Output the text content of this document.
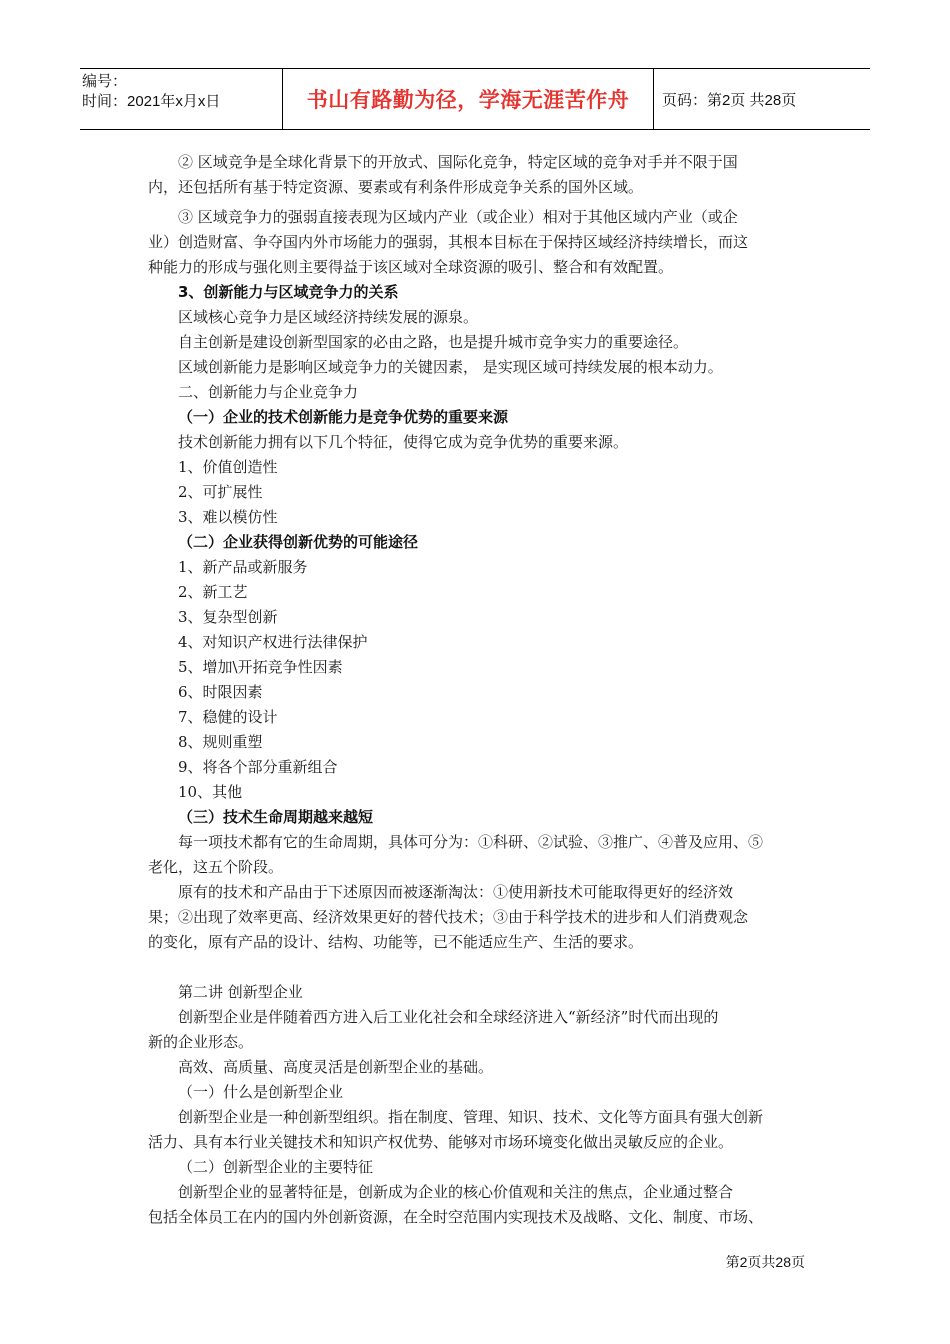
编号：
时间：2021年x月x日	书山有路勤为径，学海无涯苦作舟	页码：第2页 共28页
② 区域竞争是全球化背景下的开放式、国际化竞争，特定区域的竞争对手并不限于国
内，还包括所有基于特定资源、要素或有利条件形成竞争关系的国外区域。
③ 区域竞争力的强弱直接表现为区域内产业（或企业）相对于其他区域内产业（或企
业）创造财富、争夺国内外市场能力的强弱，其根本目标在于保持区域经济持续增长，而这
种能力的形成与强化则主要得益于该区域对全球资源的吸引、整合和有效配置。
3、创新能力与区域竞争力的关系
区域核心竞争力是区域经济持续发展的源泉。
自主创新是建设创新型国家的必由之路，也是提升城市竞争实力的重要途径。
区域创新能力是影响区域竞争力的关键因素， 是实现区域可持续发展的根本动力。
二、创新能力与企业竞争力
（一）企业的技术创新能力是竞争优势的重要来源
技术创新能力拥有以下几个特征，使得它成为竞争优势的重要来源。
1、价值创造性
2、可扩展性
3、难以模仿性
（二）企业获得创新优势的可能途径
1、新产品或新服务
2、新工艺
3、复杂型创新
4、对知识产权进行法律保护
5、增加\开拓竞争性因素
6、时限因素
7、稳健的设计
8、规则重塑
9、将各个部分重新组合
10、其他
（三）技术生命周期越来越短
每一项技术都有它的生命周期，具体可分为：①科研、②试验、③推广、④普及应用、⑤
老化，这五个阶段。
原有的技术和产品由于下述原因而被逐渐淘汰：①使用新技术可能取得更好的经济效
果；②出现了效率更高、经济效果更好的替代技术；③由于科学技术的进步和人们消费观念
的变化，原有产品的设计、结构、功能等，已不能适应生产、生活的要求。
第二讲 创新型企业
创新型企业是伴随着西方进入后工业化社会和全球经济进入“新经济”时代而出现的
新的企业形态。
高效、高质量、高度灵活是创新型企业的基础。
（一）什么是创新型企业
创新型企业是一种创新型组织。指在制度、管理、知识、技术、文化等方面具有强大创新
活力、具有本行业关键技术和知识产权优势、能够对市场环境变化做出灵敏反应的企业。
（二）创新型企业的主要特征
创新型企业的显著特征是，创新成为企业的核心价值观和关注的焦点，企业通过整合
包括全体员工在内的国内外创新资源，在全时空范围内实现技术及战略、文化、制度、市场、
第2页共28页
